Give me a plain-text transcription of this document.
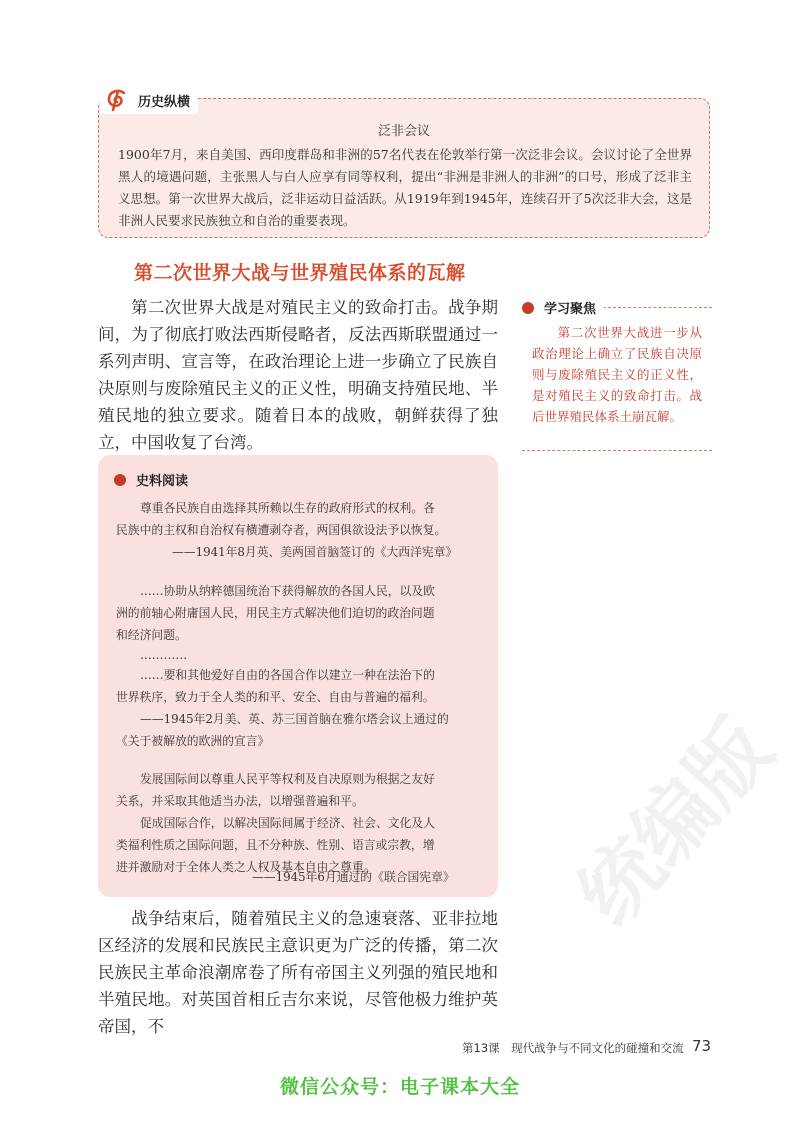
历史纵横
泛非会议
1900年7月，来自美国、西印度群岛和非洲的57名代表在伦敦举行第一次泛非会议。会议讨论了全世界黑人的境遇问题，主张黑人与白人应享有同等权利，提出“非洲是非洲人的非洲”的口号，形成了泛非主义思想。第一次世界大战后，泛非运动日益活跃。从1919年到1945年，连续召开了5次泛非大会，这是非洲人民要求民族独立和自治的重要表现。
第二次世界大战与世界殖民体系的瓦解
第二次世界大战是对殖民主义的致命打击。战争期间，为了彻底打败法西斯侵略者，反法西斯联盟通过一系列声明、宣言等，在政治理论上进一步确立了民族自决原则与废除殖民主义的正义性，明确支持殖民地、半殖民地的独立要求。随着日本的战败，朝鲜获得了独立，中国收复了台湾。
学习聚焦
第二次世界大战进一步从政治理论上确立了民族自决原则与废除殖民主义的正义性，是对殖民主义的致命打击。战后世界殖民体系土崩瓦解。
史料阅读
尊重各民族自由选择其所赖以生存的政府形式的权利。各
民族中的主权和自治权有横遭剥夺者，两国俱欲设法予以恢复。
——1941年8月英、美两国首脑签订的《大西洋宪章》
……协助从纳粹德国统治下获得解放的各国人民，以及欧
洲的前轴心附庸国人民，用民主方式解决他们迫切的政治问题
和经济问题。
…………
……要和其他爱好自由的各国合作以建立一种在法治下的
世界秩序，致力于全人类的和平、安全、自由与普遍的福利。
——1945年2月美、英、苏三国首脑在雅尔塔会议上通过的
《关于被解放的欧洲的宣言》
发展国际间以尊重人民平等权利及自决原则为根据之友好
关系，并采取其他适当办法，以增强普遍和平。
促成国际合作，以解决国际间属于经济、社会、文化及人
类福利性质之国际问题，且不分种族、性别、语言或宗教，增
进并激励对于全体人类之人权及基本自由之尊重。
——1945年6月通过的《联合国宪章》	统编版
战争结束后，随着殖民主义的急速衰落、亚非拉地区经济的发展和民族民主意识更为广泛的传播，第二次民族民主革命浪潮席卷了所有帝国主义列强的殖民地和半殖民地。对英国首相丘吉尔来说，尽管他极力维护英帝国，不
第13课　现代战争与不同文化的碰撞和交流 73
微信公众号：电子课本大全
